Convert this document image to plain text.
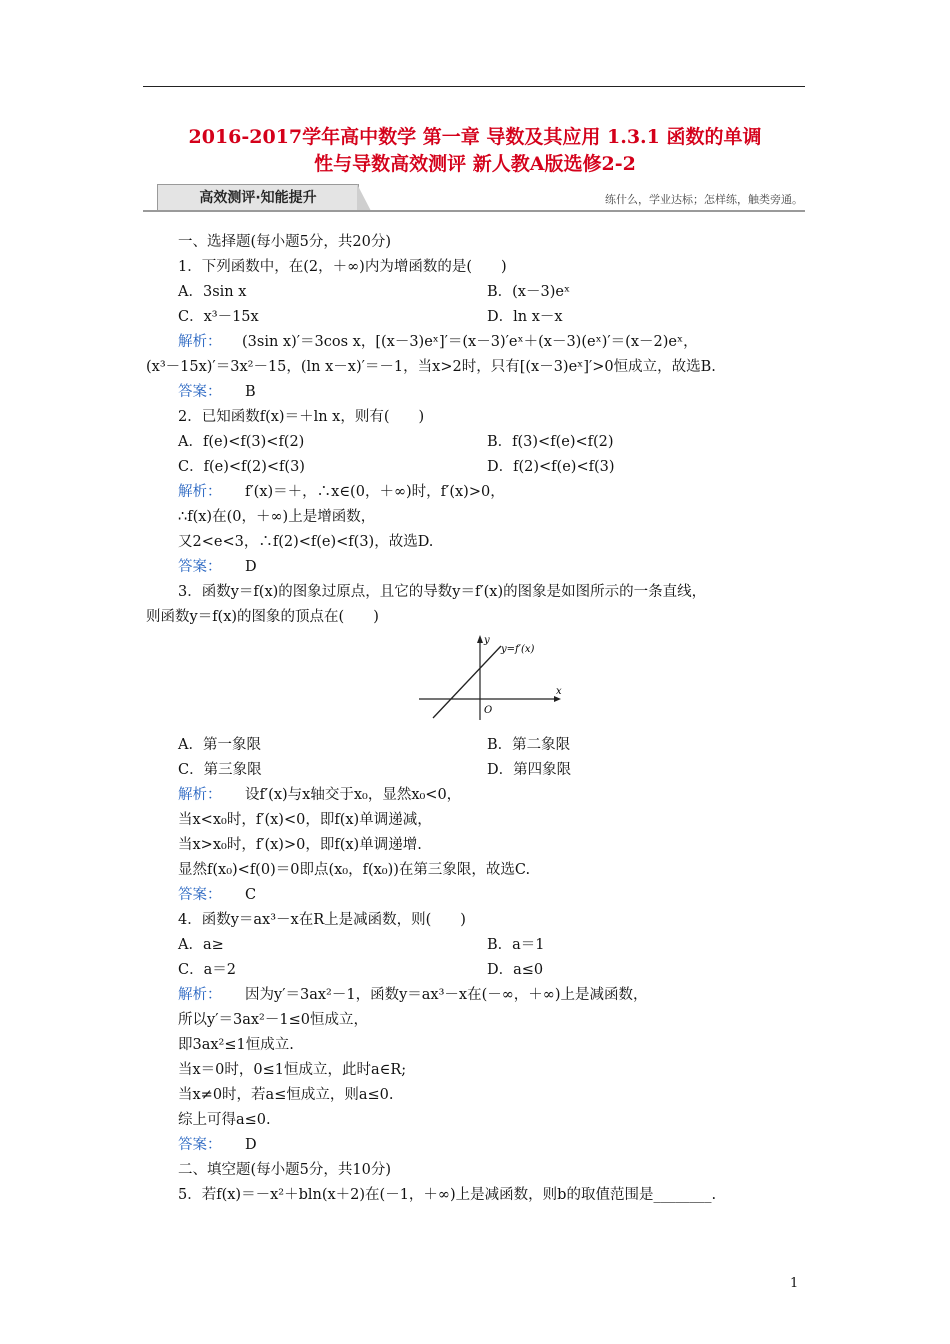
2016-2017学年高中数学 第一章 导数及其应用 1.3.1 函数的单调
性与导数高效测评 新人教A版选修2-2
高效测评·知能提升	练什么，学业达标；怎样练，触类旁通。
一、选择题(每小题5分，共20分)
1．下列函数中，在(2，＋∞)内为增函数的是(　　)
A．3sin x	B．(x－3)eˣ
C．x³－15x	D．ln x－x
解析： (3sin x)′＝3cos x，[(x－3)eˣ]′＝(x－3)′eˣ＋(x－3)(eˣ)′＝(x－2)eˣ，
(x³－15x)′＝3x²－15，(ln x－x)′＝－1，当x>2时，只有[(x－3)eˣ]′>0恒成立，故选B.
答案： B
2．已知函数f(x)＝＋ln x，则有(　　)
A．f(e)<f(3)<f(2)	B．f(3)<f(e)<f(2)
C．f(e)<f(2)<f(3)	D．f(2)<f(e)<f(3)
解析： f′(x)＝＋，∴x∈(0，＋∞)时，f′(x)>0，
∴f(x)在(0，＋∞)上是增函数，
又2<e<3，∴f(2)<f(e)<f(3)，故选D.
答案： D
3．函数y＝f(x)的图象过原点，且它的导数y＝f′(x)的图象是如图所示的一条直线，
则函数y＝f(x)的图象的顶点在(　　)
y
y=f′(x)
x
O
A．第一象限	B．第二象限
C．第三象限	D．第四象限
解析： 设f′(x)与x轴交于x₀，显然x₀<0，
当x<x₀时，f′(x)<0，即f(x)单调递减，
当x>x₀时，f′(x)>0，即f(x)单调递增.
显然f(x₀)<f(0)＝0即点(x₀，f(x₀))在第三象限，故选C.
答案： C
4．函数y＝ax³－x在R上是减函数，则(　　)
A．a≥	B．a＝1
C．a＝2	D．a≤0
解析： 因为y′＝3ax²－1，函数y＝ax³－x在(－∞，＋∞)上是减函数，
所以y′＝3ax²－1≤0恒成立，
即3ax²≤1恒成立.
当x＝0时，0≤1恒成立，此时a∈R;
当x≠0时，若a≤恒成立，则a≤0.
综上可得a≤0.
答案： D
二、填空题(每小题5分，共10分)
5．若f(x)＝－x²＋bln(x＋2)在(－1，＋∞)上是减函数，则b的取值范围是________.
1
